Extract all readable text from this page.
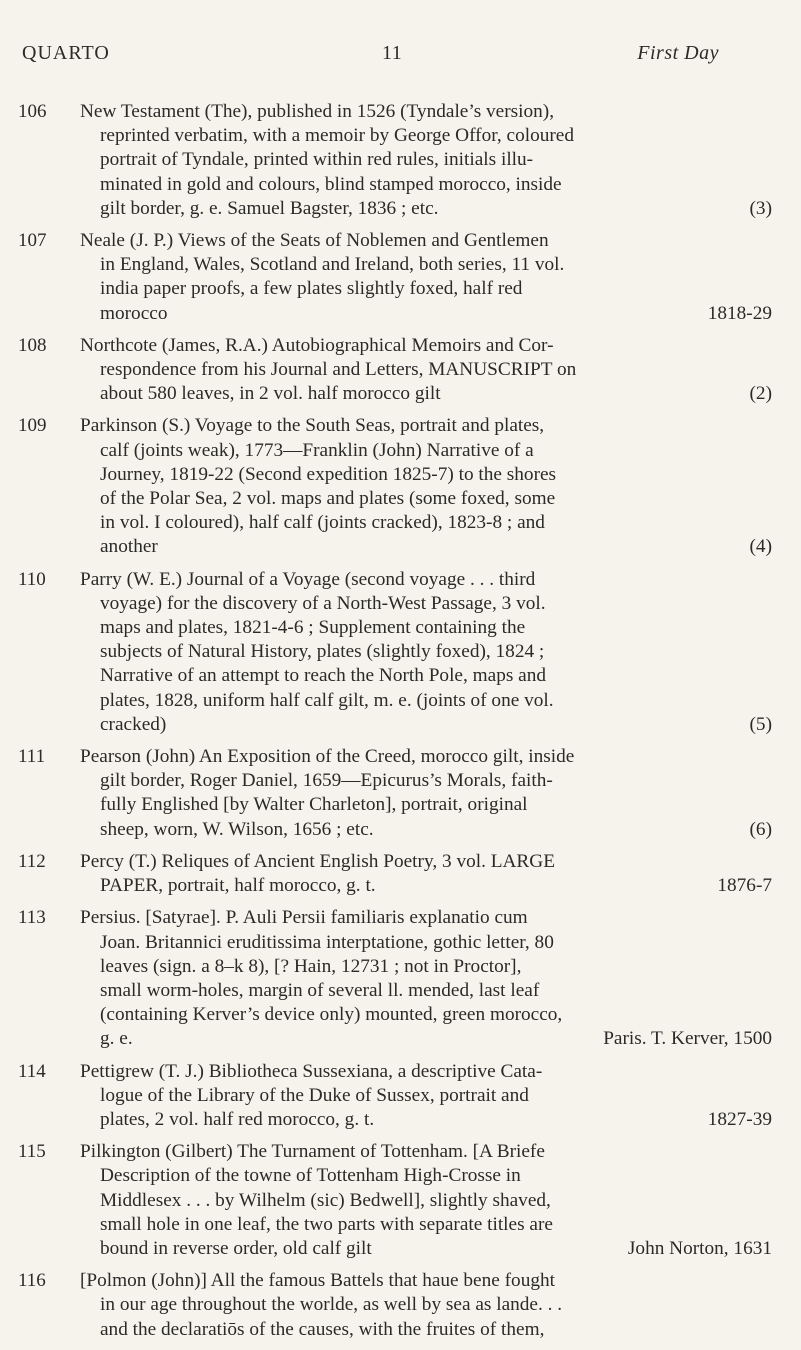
QUARTO	11	First Day
106	New Testament (The), published in 1526 (Tyndale’s version),
reprinted verbatim, with a memoir by George Offor, coloured
portrait of Tyndale, printed within red rules, initials illu-
minated in gold and colours, blind stamped morocco, inside
gilt border, g. e. Samuel Bagster, 1836 ; etc.	(3)
107	Neale (J. P.) Views of the Seats of Noblemen and Gentlemen
in England, Wales, Scotland and Ireland, both series, 11 vol.
india paper proofs, a few plates slightly foxed, half red
morocco	1818-29
108	Northcote (James, R.A.) Autobiographical Memoirs and Cor-
respondence from his Journal and Letters, MANUSCRIPT on
about 580 leaves, in 2 vol. half morocco gilt	(2)
109	Parkinson (S.) Voyage to the South Seas, portrait and plates,
calf (joints weak), 1773—Franklin (John) Narrative of a
Journey, 1819-22 (Second expedition 1825-7) to the shores
of the Polar Sea, 2 vol. maps and plates (some foxed, some
in vol. I coloured), half calf (joints cracked), 1823-8 ; and
another	(4)
110	Parry (W. E.) Journal of a Voyage (second voyage . . . third
voyage) for the discovery of a North-West Passage, 3 vol.
maps and plates, 1821-4-6 ; Supplement containing the
subjects of Natural History, plates (slightly foxed), 1824 ;
Narrative of an attempt to reach the North Pole, maps and
plates, 1828, uniform half calf gilt, m. e. (joints of one vol.
cracked)	(5)
111	Pearson (John) An Exposition of the Creed, morocco gilt, inside
gilt border, Roger Daniel, 1659—Epicurus’s Morals, faith-
fully Englished [by Walter Charleton], portrait, original
sheep, worn, W. Wilson, 1656 ; etc.	(6)
112	Percy (T.) Reliques of Ancient English Poetry, 3 vol. LARGE
PAPER, portrait, half morocco, g. t.	1876-7
113	Persius. [Satyrae]. P. Auli Persii familiaris explanatio cum
Joan. Britannici eruditissima interptatione, gothic letter, 80
leaves (sign. a 8–k 8), [? Hain, 12731 ; not in Proctor],
small worm-holes, margin of several ll. mended, last leaf
(containing Kerver’s device only) mounted, green morocco,
g. e.	Paris. T. Kerver, 1500
114	Pettigrew (T. J.) Bibliotheca Sussexiana, a descriptive Cata-
logue of the Library of the Duke of Sussex, portrait and
plates, 2 vol. half red morocco, g. t.	1827-39
115	Pilkington (Gilbert) The Turnament of Tottenham. [A Briefe
Description of the towne of Tottenham High-Crosse in
Middlesex . . . by Wilhelm (sic) Bedwell], slightly shaved,
small hole in one leaf, the two parts with separate titles are
bound in reverse order, old calf gilt	John Norton, 1631
116	[Polmon (John)] All the famous Battels that haue bene fought
in our age throughout the worlde, as well by sea as lande. . .
and the declaratiōs of the causes, with the fruites of them,
